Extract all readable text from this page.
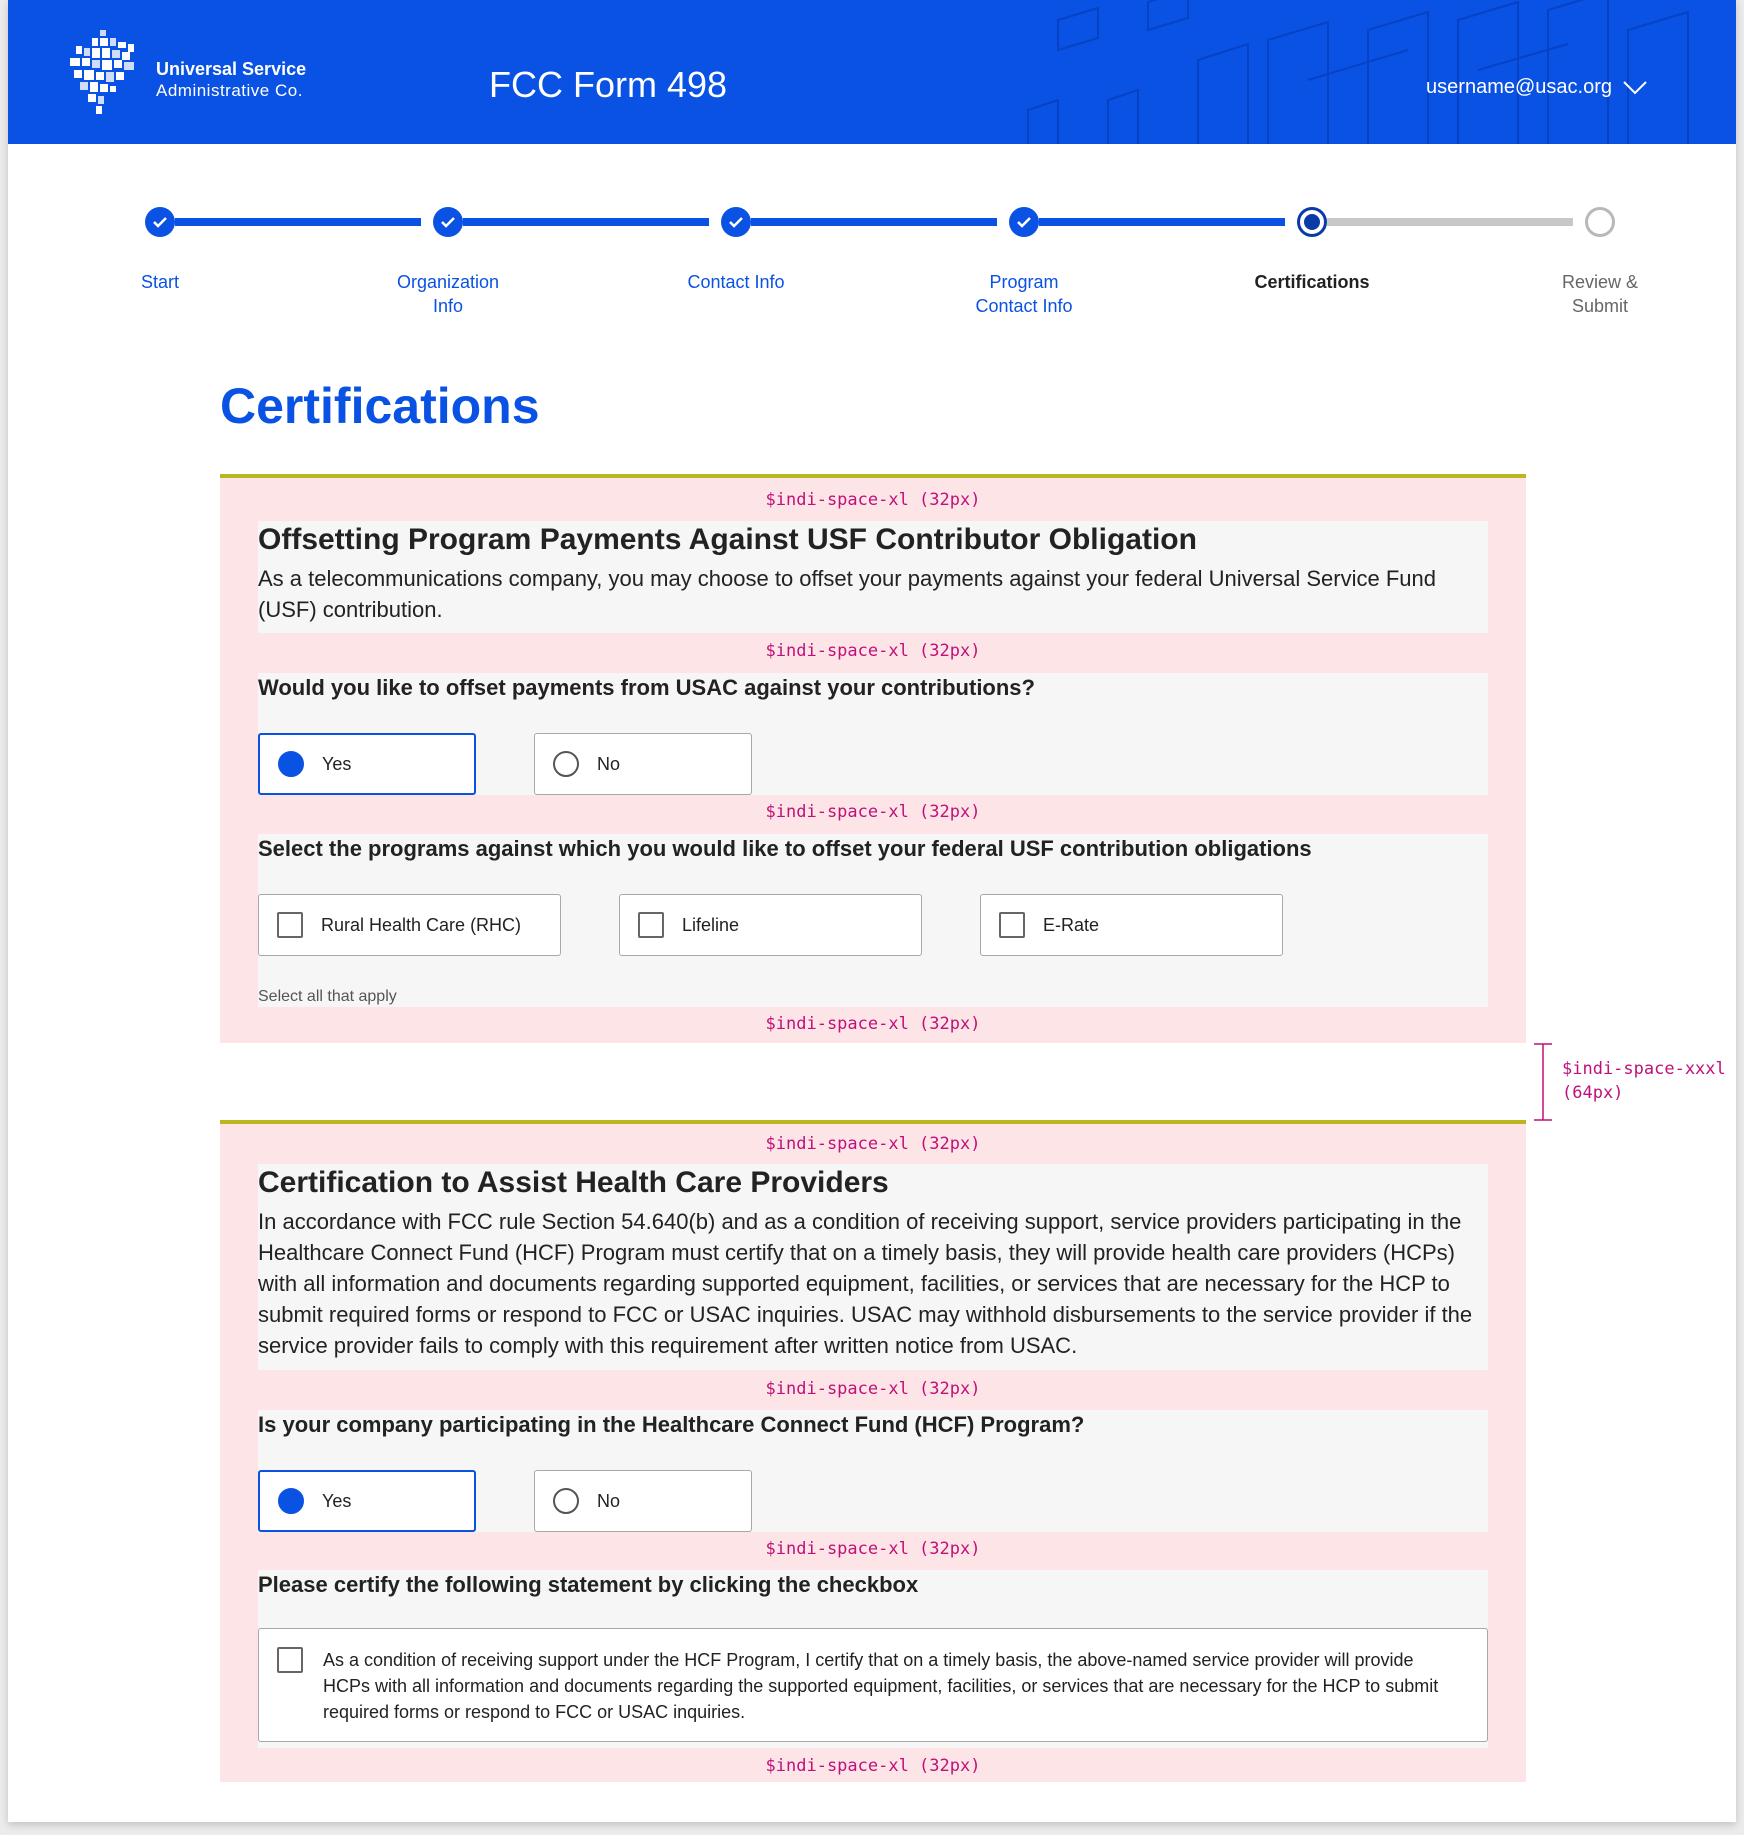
Universal Service
Administrative Co.	FCC Form 498	username@usac.org
Start	Organization
Info
Contact Info	Program
Contact Info
Certifications	Review &
Submit
Certifications
$indi-space-xl (32px)
Offsetting Program Payments Against USF Contributor Obligation

As a telecommunications company, you may choose to offset your payments against your federal Universal Service Fund (USF) contribution.

$indi-space-xl (32px)
Would you like to offset payments from USAC against your contributions?
Yes	No
$indi-space-xl (32px)
Select the programs against which you would like to offset your federal USF contribution obligations
Rural Health Care (RHC)	Lifeline	E-Rate
Select all that apply
$indi-space-xl (32px)
$indi-space-xxxl
(64px)
$indi-space-xl (32px)
Certification to Assist Health Care Providers

In accordance with FCC rule Section 54.640(b) and as a condition of receiving support, service providers participating in the Healthcare Connect Fund (HCF) Program must certify that on a timely basis, they will provide health care providers (HCPs) with all information and documents regarding supported equipment, facilities, or services that are necessary for the HCP to submit required forms or respond to FCC or USAC inquiries. USAC may withhold disbursements to the service provider if the service provider fails to comply with this requirement after written notice from USAC.

$indi-space-xl (32px)
Is your company participating in the Healthcare Connect Fund (HCF) Program?
Yes	No
$indi-space-xl (32px)
Please certify the following statement by clicking the checkbox
As a condition of receiving support under the HCF Program, I certify that on a timely basis, the above-named service provider will provide HCPs with all information and documents regarding the supported equipment, facilities, or services that are necessary for the HCP to submit required forms or respond to FCC or USAC inquiries.
$indi-space-xl (32px)
